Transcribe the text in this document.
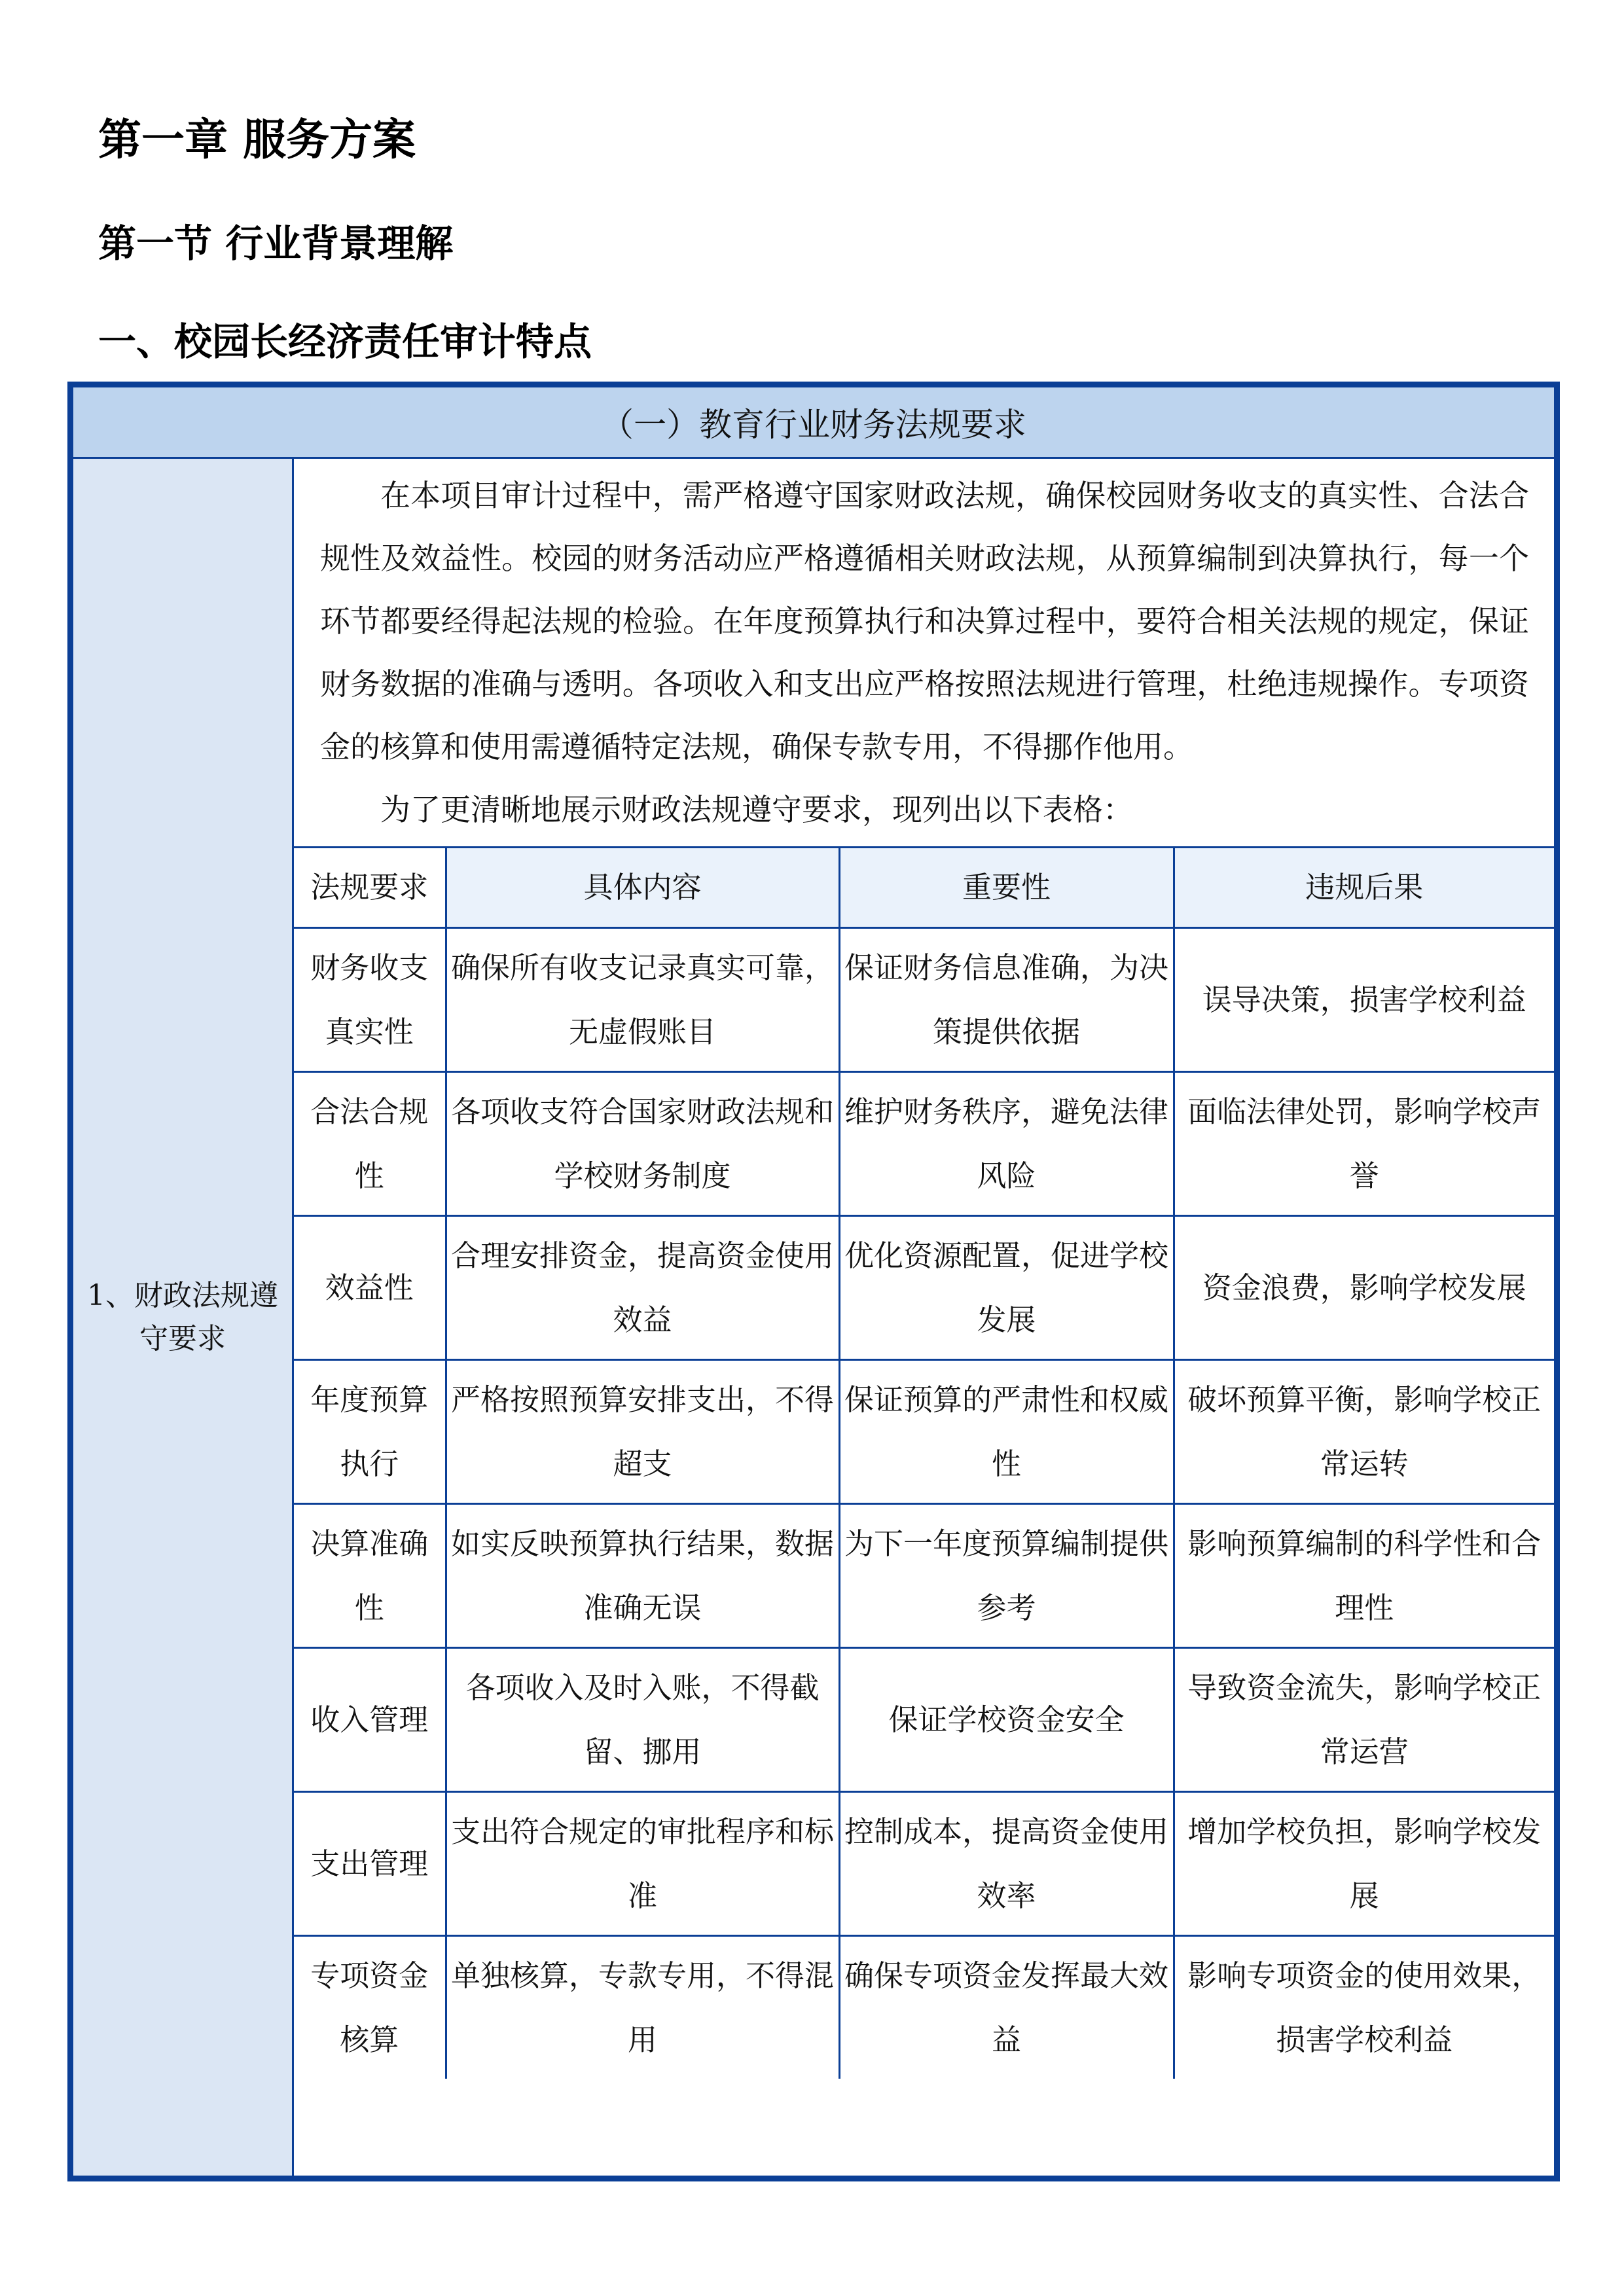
第一章 服务方案
第一节 行业背景理解
一、校园长经济责任审计特点
（一）教育行业财务法规要求
1、财政法规遵守要求	

在本项目审计过程中，需严格遵守国家财政法规，确保校园财务收支的真实性、合法合规性及效益性。校园的财务活动应严格遵循相关财政法规，从预算编制到决算执行，每一个环节都要经得起法规的检验。在年度预算执行和决算过程中，要符合相关法规的规定，保证财务数据的准确与透明。各项收入和支出应严格按照法规进行管理，杜绝违规操作。专项资金的核算和使用需遵循特定法规，确保专款专用，不得挪作他用。

为了更清晰地展示财政法规遵守要求，现列出以下表格：

法规要求	具体内容	重要性	违规后果
财务收支真实性	确保所有收支记录真实可靠，无虚假账目	保证财务信息准确，为决策提供依据	误导决策，损害学校利益
合法合规性	各项收支符合国家财政法规和学校财务制度	维护财务秩序，避免法律风险	面临法律处罚，影响学校声誉
效益性	合理安排资金，提高资金使用效益	优化资源配置，促进学校发展	资金浪费，影响学校发展
年度预算执行	严格按照预算安排支出，不得超支	保证预算的严肃性和权威性	破坏预算平衡，影响学校正常运转
决算准确性	如实反映预算执行结果，数据准确无误	为下一年度预算编制提供参考	影响预算编制的科学性和合理性
收入管理	各项收入及时入账，不得截留、挪用	保证学校资金安全	导致资金流失，影响学校正常运营
支出管理	支出符合规定的审批程序和标准	控制成本，提高资金使用效率	增加学校负担，影响学校发展
专项资金核算	单独核算，专款专用，不得混用	确保专项资金发挥最大效益	影响专项资金的使用效果，损害学校利益
